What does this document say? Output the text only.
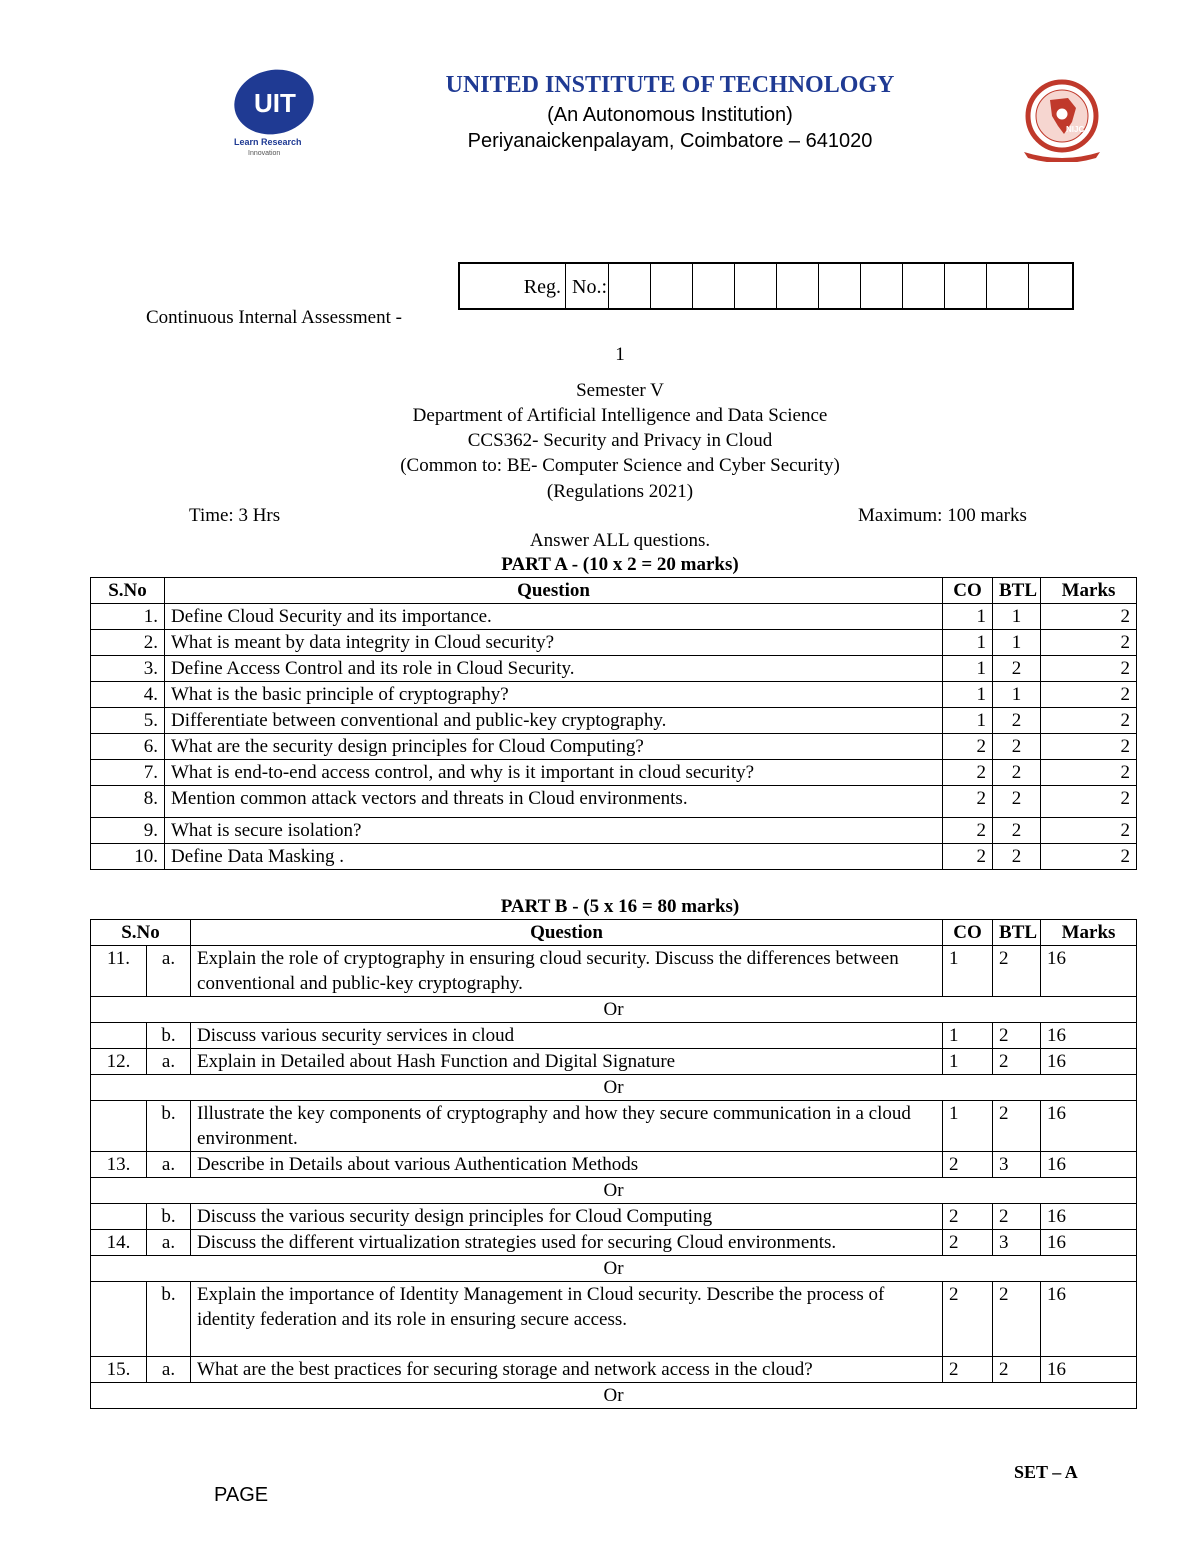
UIT
Learn Research
Innovation
NIJC
UNITED INSTITUTE OF TECHNOLOGY
(An Autonomous Institution)
Periyanaickenpalayam, Coimbatore – 641020
Reg. No.:
Continuous Internal Assessment -
1
Semester V
Department of Artificial Intelligence and Data Science
CCS362- Security and Privacy in Cloud
(Common to: BE- Computer Science and Cyber Security)
(Regulations 2021)
Time: 3 Hrs	Maximum: 100 marks
Answer ALL questions.
PART A - (10 x 2 = 20 marks)
S.No	Question	CO	BTL	Marks
1.	Define Cloud Security and its importance.	1	1	2
2.	What is meant by data integrity in Cloud security?	1	1	2
3.	Define Access Control and its role in Cloud Security.	1	2	2
4.	What is the basic principle of cryptography?	1	1	2
5.	Differentiate between conventional and public-key cryptography.	1	2	2
6.	What are the security design principles for Cloud Computing?	2	2	2
7.	What is end-to-end access control, and why is it important in cloud security?	2	2	2
8.	Mention common attack vectors and threats in Cloud environments.	2	2	2
9.	What is secure isolation?	2	2	2
10.	Define Data Masking .	2	2	2
PART B - (5 x 16 = 80 marks)
S.No		Question	CO	BTL	Marks
11.	a.	Explain the role of cryptography in ensuring cloud security. Discuss the differences between conventional and public-key cryptography.	1	2	16
Or					
	b.	Discuss various security services in cloud	1	2	16
12.	a.	Explain in Detailed about Hash Function and Digital Signature	1	2	16
Or					
	b.	Illustrate the key components of cryptography and how they secure communication in a cloud environment.	1	2	16
13.	a.	Describe in Details about various Authentication Methods	2	3	16
Or					
	b.	Discuss the various security design principles for Cloud Computing	2	2	16
14.	a.	Discuss the different virtualization strategies used for securing Cloud environments.	2	3	16
Or					
	b.	Explain the importance of Identity Management in Cloud security. Describe the process of identity federation and its role in ensuring secure access.	2	2	16
15.	a.	What are the best practices for securing storage and network access in the cloud?	2	2	16
Or					
SET – A
PAGE
